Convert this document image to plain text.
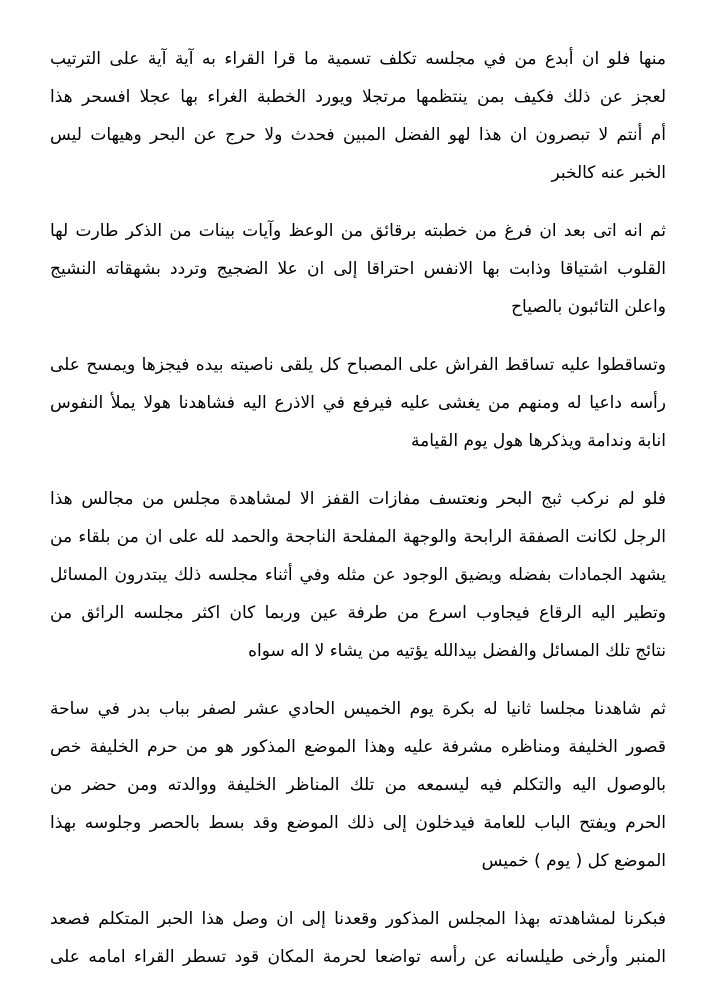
منها فلو ان أبدع من في مجلسه تكلف تسمية ما قرا القراء به آية آية على الترتيب
لعجز عن ذلك فكيف بمن ينتظمها مرتجلا ويورد الخطبة الغراء بها عجلا افسحر هذا
أم أنتم لا تبصرون ان هذا لهو الفضل المبين فحدث ولا حرج عن البحر وهيهات ليس
الخبر عنه كالخبر
ثم انه اتى بعد ان فرغ من خطبته برقائق من الوعظ وآيات بينات من الذكر طارت لها
القلوب اشتياقا وذابت بها الانفس احتراقا إلى ان علا الضجيج وتردد بشهقاته النشيج
واعلن التائبون بالصياح
وتساقطوا عليه تساقط الفراش على المصباح كل يلقى ناصيته بيده فيجزها ويمسح على
رأسه داعيا له ومنهم من يغشى عليه فيرفع في الاذرع اليه فشاهدنا هولا يملأ النفوس
انابة وندامة ويذكرها هول يوم القيامة
فلو لم نركب ثبج البحر ونعتسف مفازات القفز الا لمشاهدة مجلس من مجالس هذا
الرجل لكانت الصفقة الرابحة والوجهة المفلحة الناجحة والحمد لله على ان من بلقاء من
يشهد الجمادات بفضله ويضيق الوجود عن مثله وفي أثناء مجلسه ذلك يبتدرون المسائل
وتطير اليه الرقاع فيجاوب اسرع من طرفة عين وربما كان اكثر مجلسه الرائق من
نتائج تلك المسائل والفضل بيدالله يؤتيه من يشاء لا اله سواه
ثم شاهدنا مجلسا ثانيا له بكرة يوم الخميس الحادي عشر لصفر بباب بدر في ساحة
قصور الخليفة ومناظره مشرفة عليه وهذا الموضع المذكور هو من حرم الخليفة خص
بالوصول اليه والتكلم فيه ليسمعه من تلك المناظر الخليفة ووالدته ومن حضر من
الحرم ويفتح الباب للعامة فيدخلون إلى ذلك الموضع وقد بسط بالحصر وجلوسه بهذا
الموضع كل ( يوم ) خميس
فبكرنا لمشاهدته بهذا المجلس المذكور وقعدنا إلى ان وصل هذا الحبر المتكلم فصعد
المنبر وأرخى طيلسانه عن رأسه تواضعا لحرمة المكان قود تسطر القراء امامه على
